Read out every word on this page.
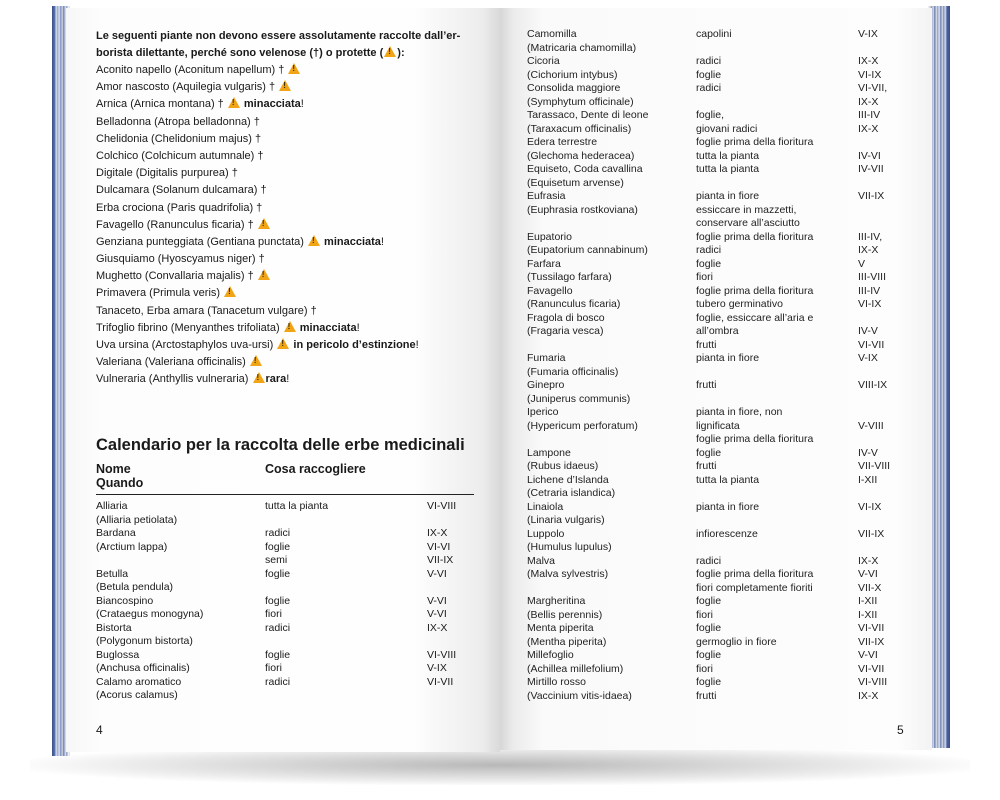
Le seguenti piante non devono essere assolutamente raccolte dall’er-
borista dilettante, perché sono velenose (†) o protette (! ):
Aconito napello (Aconitum napellum) † !
Amor nascosto (Aquilegia vulgaris) † !
Arnica (Arnica montana) † ! minacciata!
Belladonna (Atropa belladonna) †
Chelidonia (Chelidonium majus) †
Colchico (Colchicum autumnale) †
Digitale (Digitalis purpurea) †
Dulcamara (Solanum dulcamara) †
Erba crociona (Paris quadrifolia) †
Favagello (Ranunculus ficaria) † !
Genziana punteggiata (Gentiana punctata) ! minacciata!
Giusquiamo (Hyoscyamus niger) †
Mughetto (Convallaria majalis) † !
Primavera (Primula veris) !
Tanaceto, Erba amara (Tanacetum vulgare) †
Trifoglio fibrino (Menyanthes trifoliata) ! minacciata!
Uva ursina (Arctostaphylos uva-ursi) ! in pericolo d’estinzione!
Valeriana (Valeriana officinalis) !
Vulneraria (Anthyllis vulneraria) !rara!
Calendario per la raccolta delle erbe medicinali
Nome
Quando
Cosa raccogliere
Alliaria	tutta la pianta	VI-VIII
(Alliaria petiolata)
Bardana	radici	IX-X
(Arctium lappa)	foglie	VI-VI
semi	VII-IX
Betulla	foglie	V-VI
(Betula pendula)
Biancospino	foglie	V-VI
(Crataegus monogyna)	fiori	V-VI
Bistorta	radici	IX-X
(Polygonum bistorta)
Buglossa	foglie	VI-VIII
(Anchusa officinalis)	fiori	V-IX
Calamo aromatico	radici	VI-VII
(Acorus calamus)
Camomilla	capolini	V-IX
(Matricaria chamomilla)
Cicoria	radici	IX-X
(Cichorium intybus)	foglie	VI-IX
Consolida maggiore	radici	VI-VII,
(Symphytum officinale)	IX-X
Tarassaco, Dente di leone	foglie,	III-IV
(Taraxacum officinalis)	giovani radici	IX-X
Edera terrestre	foglie prima della fioritura
(Glechoma hederacea)	tutta la pianta	IV-VI
Equiseto, Coda cavallina	tutta la pianta	IV-VII
(Equisetum arvense)
Eufrasia	pianta in fiore	VII-IX
(Euphrasia rostkoviana)	essiccare in mazzetti,
conservare all’asciutto
Eupatorio	foglie prima della fioritura	III-IV,
(Eupatorium cannabinum)	radici	IX-X
Farfara	foglie	V
(Tussilago farfara)	fiori	III-VIII
Favagello	foglie prima della fioritura	III-IV
(Ranunculus ficaria)	tubero germinativo	VI-IX
Fragola di bosco	foglie, essiccare all’aria e
(Fragaria vesca)	all’ombra	IV-V
frutti	VI-VII
Fumaria	pianta in fiore	V-IX
(Fumaria officinalis)
Ginepro	frutti	VIII-IX
(Juniperus communis)
Iperico	pianta in fiore, non
(Hypericum perforatum)	lignificata	V-VIII
foglie prima della fioritura
Lampone	foglie	IV-V
(Rubus idaeus)	frutti	VII-VIII
Lichene d’Islanda	tutta la pianta	I-XII
(Cetraria islandica)
Linaiola	pianta in fiore	VI-IX
(Linaria vulgaris)
Luppolo	infiorescenze	VII-IX
(Humulus lupulus)
Malva	radici	IX-X
(Malva sylvestris)	foglie prima della fioritura	V-VI
fiori completamente fioriti	VII-X
Margheritina	foglie	I-XII
(Bellis perennis)	fiori	I-XII
Menta piperita	foglie	VI-VII
(Mentha piperita)	germoglio in fiore	VII-IX
Millefoglio	foglie	V-VI
(Achillea millefolium)	fiori	VI-VII
Mirtillo rosso	foglie	VI-VIII
(Vaccinium vitis-idaea)	frutti	IX-X
4	5
